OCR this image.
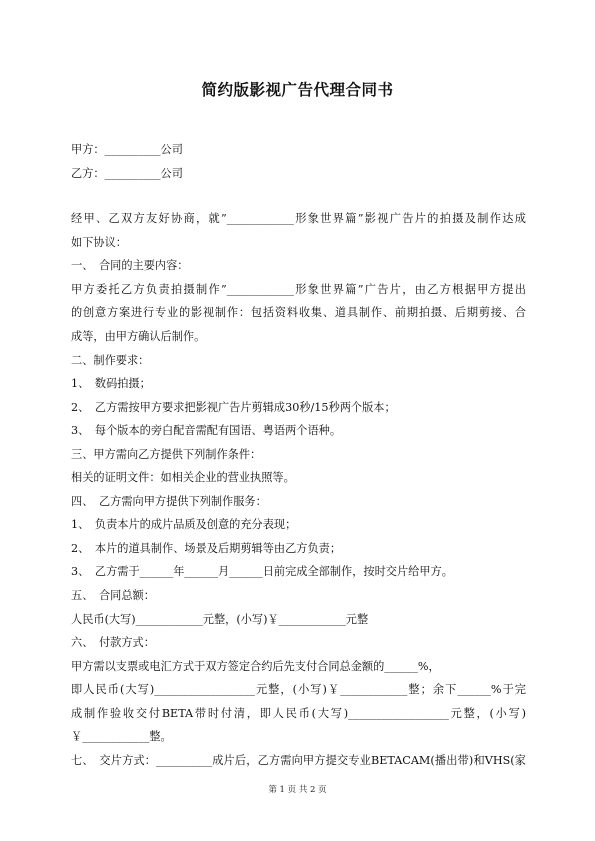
简约版影视广告代理合同书
甲方：__________公司
乙方：__________公司
经甲、乙双方友好协商，就”____________形象世界篇”影视广告片的拍摄及制作达成
如下协议：
一、　合同的主要内容：
甲方委托乙方负责拍摄制作”____________形象世界篇”广告片，由乙方根据甲方提出
的创意方案进行专业的影视制作：包括资料收集、道具制作、前期拍摄、后期剪接、合
成等，由甲方确认后制作。
二、制作要求：
1、　数码拍摄；
2、　乙方需按甲方要求把影视广告片剪辑成30秒/15秒两个版本；
3、　每个版本的旁白配音需配有国语、粤语两个语种。
三、甲方需向乙方提供下列制作条件：
相关的证明文件：如相关企业的营业执照等。
四、　乙方需向甲方提供下列制作服务：
1、　负责本片的成片品质及创意的充分表现；
2、　本片的道具制作、场景及后期剪辑等由乙方负责；
3、　乙方需于______年______月______日前完成全部制作，按时交片给甲方。
五、　合同总额：
人民币(大写)____________元整，(小写)￥____________元整
六、　付款方式：
甲方需以支票或电汇方式于双方签定合约后先支付合同总金额的______%，
即人民币(大写)__________________元整，(小写)￥____________整；余下______%于完
成制作验收交付BETA带时付清，即人民币(大写)__________________元整，(小写)
￥____________整。
七、　交片方式：__________成片后，乙方需向甲方提交专业BETACAM(播出带)和VHS(家
第 1 页 共 2 页
